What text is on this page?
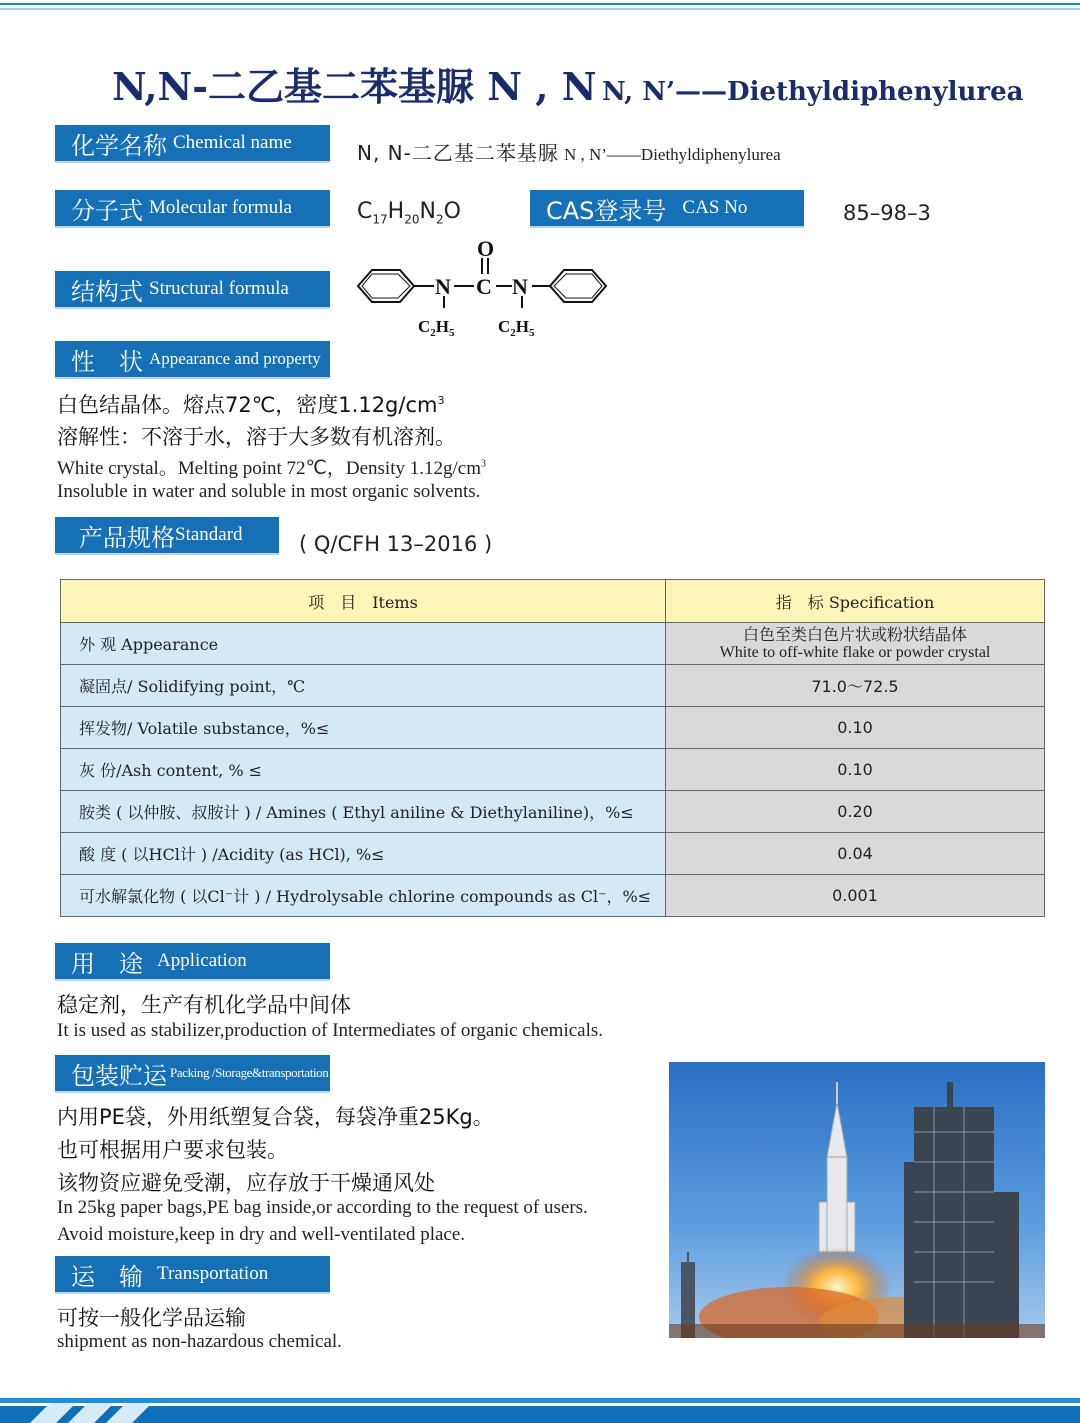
N,N-二乙基二苯基脲 N , N N, N’——Diethyldiphenylurea
化学名称 Chemical name	N, N-二乙基二苯基脲 N , N’——Diethyldiphenylurea
分子式 Molecular formula	$C_{17}H_{20}N_2O$	CAS登录号 CAS No	85–98–3
结构式 Structural formula
O
N C N
$C_2H_5$	$C_2H_5$
性　状 Appearance and property
白色结晶体。熔点72℃，密度$1.12g/cm^3$
溶解性：不溶于水，溶于大多数有机溶剂。
White crystal。Melting point 72℃，Density $1.12g/cm^3$
Insoluble in water and soluble in most organic solvents.
产品规格 Standard	( Q/CFH 13–2016 )
项　目　Items	指　标 Specification
外 观 Appearance	白色至类白色片状或粉状结晶体
White to off-white flake or powder crystal

凝固点/ Solidifying point，℃	71.0～72.5
挥发物/ Volatile substance，%≤	0.10
灰 份/Ash content, % ≤	0.10
胺类 ( 以仲胺、叔胺计 ) / Amines ( Ethyl aniline & Diethylaniline)，%≤	0.20
酸 度 ( 以HCl计 ) /Acidity (as HCl), %≤	0.04
可水解氯化物 ( 以Cl⁻计 ) / Hydrolysable chlorine compounds as Cl⁻，%≤	0.001
用　途 Application
稳定剂，生产有机化学品中间体
It is used as stabilizer,production of Intermediates of organic chemicals.
包装贮运 Packing /Storage&transportation
内用PE袋，外用纸塑复合袋，每袋净重25Kg。
也可根据用户要求包装。
该物资应避免受潮，应存放于干燥通风处
In 25kg paper bags,PE bag inside,or according to the request of users.
Avoid moisture,keep in dry and well-ventilated place.
运　输 Transportation
可按一般化学品运输
shipment as non-hazardous chemical.
